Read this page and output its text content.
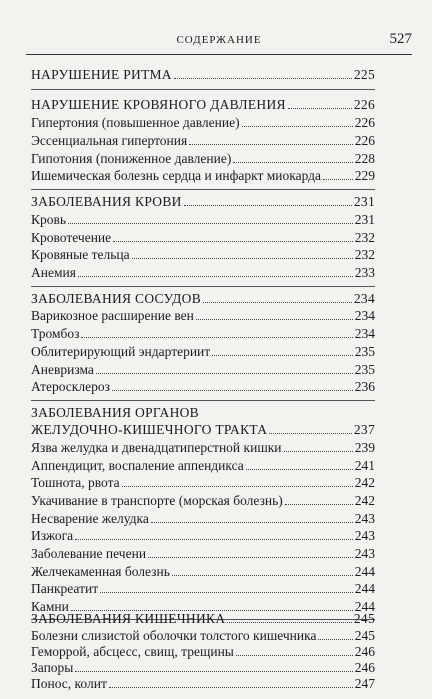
СОДЕРЖАНИЕ	527
НАРУШЕНИЕ РИТМА	225
НАРУШЕНИЕ КРОВЯНОГО ДАВЛЕНИЯ	226
Гипертония (повышенное давление)	226
Эссенциальная гипертония	226
Гипотония (пониженное давление)	228
Ишемическая болезнь сердца и инфаркт миокарда 229
ЗАБОЛЕВАНИЯ КРОВИ	231
Кровь	231
Кровотечение	232
Кровяные тельца	232
Анемия	233
ЗАБОЛЕВАНИЯ СОСУДОВ	234
Варикозное расширение вен	234
Тромбоз	234
Облитерирующий эндартериит	235
Аневризма	235
Атеросклероз	236
ЗАБОЛЕВАНИЯ ОРГАНОВ
ЖЕЛУДОЧНО-КИШЕЧНОГО ТРАКТА	237
Язва желудка и двенадцатиперстной кишки	239
Аппендицит, воспаление аппендикса	241
Тошнота, рвота	242
Укачивание в транспорте (морская болезнь)	242
Несварение желудка	243
Изжога	243
Заболевание печени	243
Желчекаменная болезнь	244
Панкреатит	244
Камни	244
ЗАБОЛЕВАНИЯ КИШЕЧНИКА	245
Болезни слизистой оболочки толстого кишечника	245
Геморрой, абсцесс, свищ, трещины	246
Запоры	246
Понос, колит	247
